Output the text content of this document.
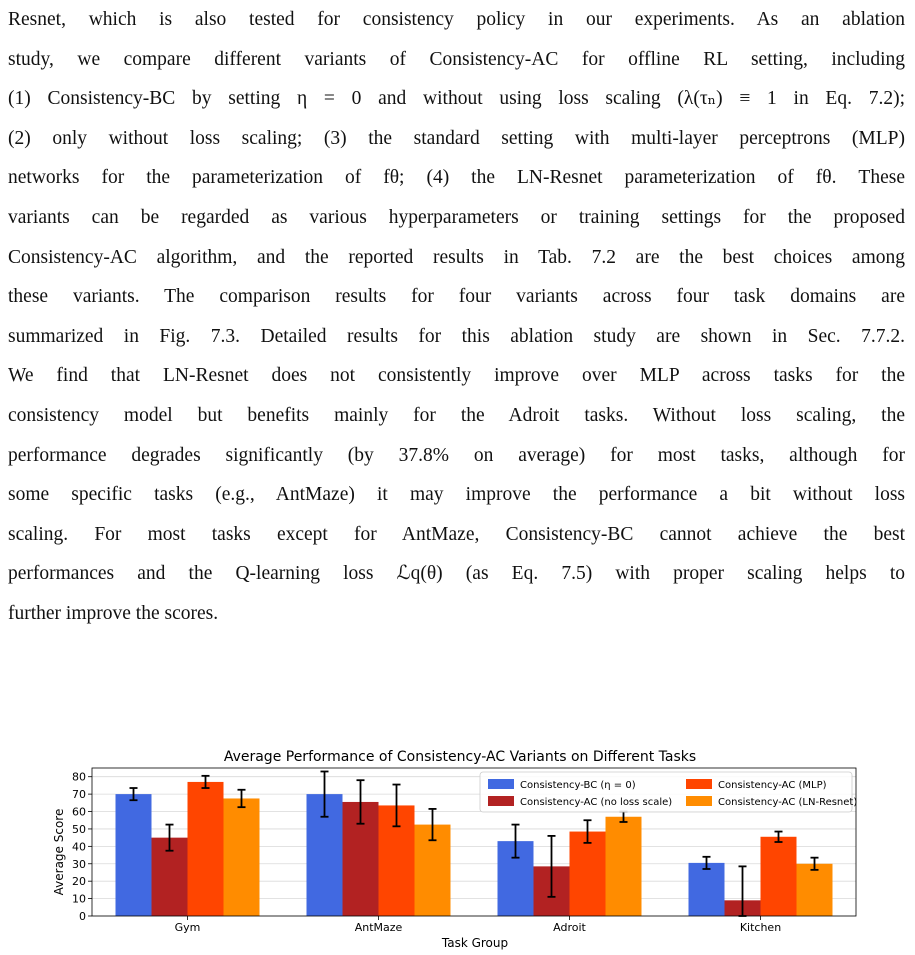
Resnet, which is also tested for consistency policy in our experiments. As an ablation
study, we compare different variants of Consistency-AC for offline RL setting, including
(1) Consistency-BC by setting η = 0 and without using loss scaling (λ(τₙ) ≡ 1 in Eq. 7.2);
(2) only without loss scaling; (3) the standard setting with multi-layer perceptrons (MLP)
networks for the parameterization of fθ; (4) the LN-Resnet parameterization of fθ. These
variants can be regarded as various hyperparameters or training settings for the proposed
Consistency-AC algorithm, and the reported results in Tab. 7.2 are the best choices among
these variants. The comparison results for four variants across four task domains are
summarized in Fig. 7.3. Detailed results for this ablation study are shown in Sec. 7.7.2.
We find that LN-Resnet does not consistently improve over MLP across tasks for the
consistency model but benefits mainly for the Adroit tasks. Without loss scaling, the
performance degrades significantly (by 37.8% on average) for most tasks, although for
some specific tasks (e.g., AntMaze) it may improve the performance a bit without loss
scaling. For most tasks except for AntMaze, Consistency-BC cannot achieve the best
performances and the Q-learning loss ℒq(θ) (as Eq. 7.5) with proper scaling helps to
further improve the scores.
Average Performance of Consistency-AC Variants on Different Tasks
Average Score
Task Group
0
10
20
30
40
50
60
70
80
Gym	AntMaze	Adroit	Kitchen
Consistency-BC (η = 0)
Consistency-AC (no loss scale)
Consistency-AC (MLP)
Consistency-AC (LN-Resnet)
